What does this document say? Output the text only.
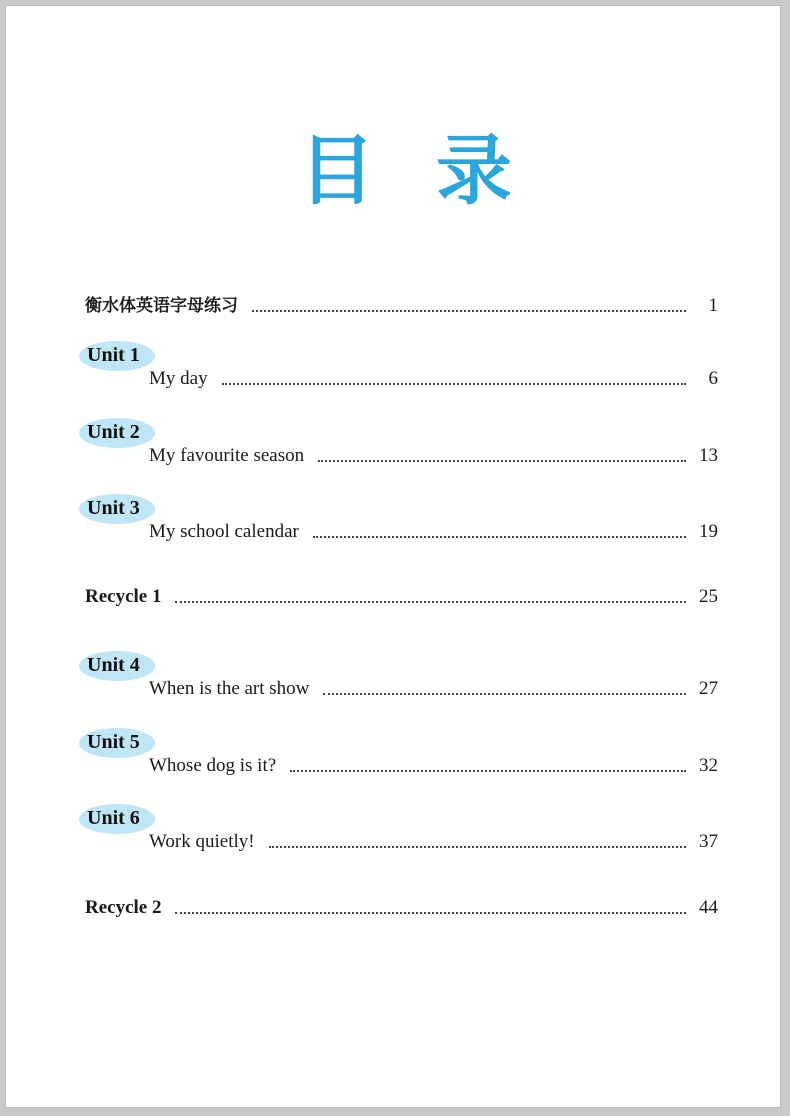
目 录
衡水体英语字母练习	1
Unit 1
My day	6
Unit 2
My favourite season	13
Unit 3
My school calendar	19
Recycle 1	25
Unit 4
When is the art show	27
Unit 5
Whose dog is it?	32
Unit 6
Work quietly!	37
Recycle 2	44
